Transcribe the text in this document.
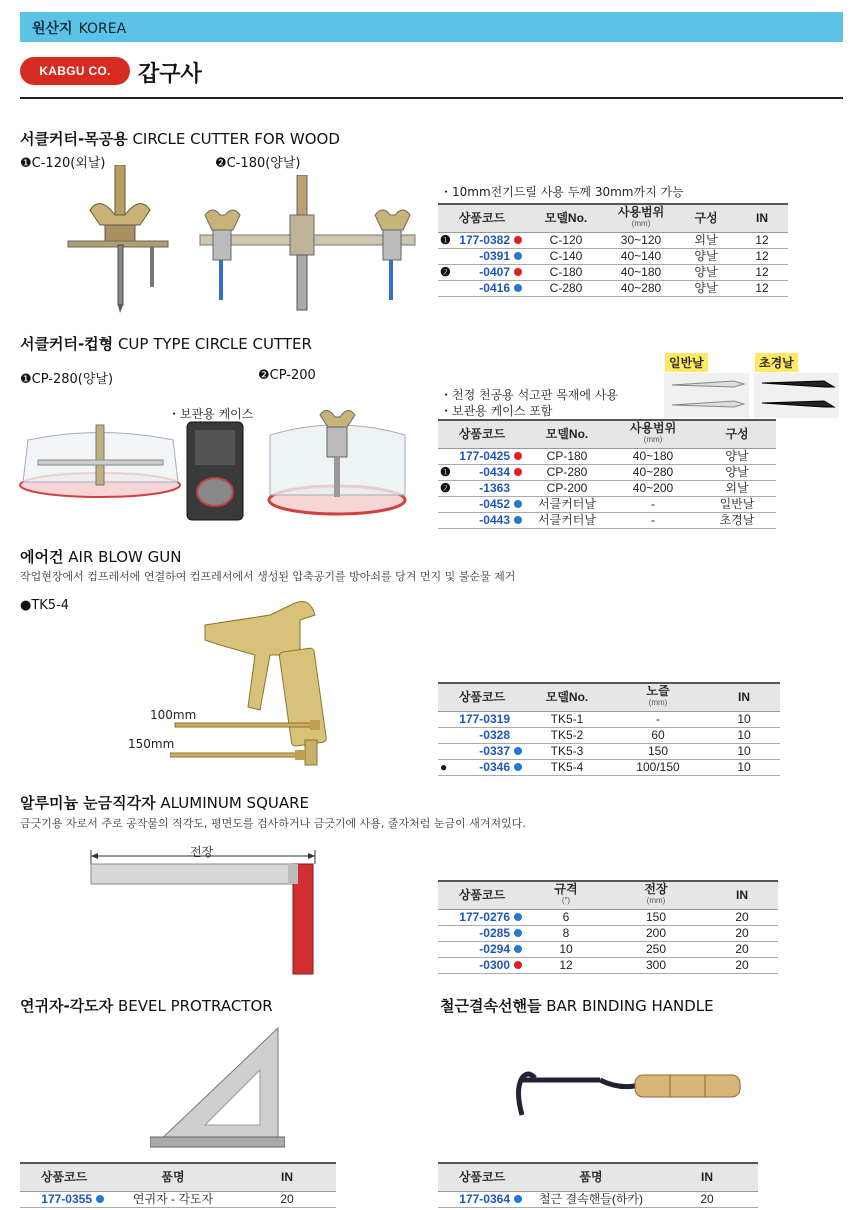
원산지 KOREA
KABGU CO.	갑구사
서클커터-목공용 CIRCLE CUTTER FOR WOOD
❶C-120(외날)	❷C-180(양날)
・10mm전기드릴 사용 두께 30mm까지 가능
상품코드	모델No.	사용범위
(mm)	구성	IN

❶ 177-0382	C-120	30~120	외날	12
-0391	C-140	40~140	양날	12

❷ -0407	C-180	40~180	양날	12
-0416	C-280	40~280	양날	12
서클커터-컵형 CUP TYPE CIRCLE CUTTER
❶CP-280(양날)	❷CP-200
・보관용 케이스
일반날	초경날
・천정 천공용 석고판 목재에 사용
・보관용 케이스 포함
상품코드	모델No.	사용범위
(mm)	구성
177-0425	CP-180	40~180	양날

❶ -0434	CP-280	40~280	양날

❷ -1363	CP-200	40~200	외날
-0452	서클커터날	-	일반날
-0443	서클커터날	-	초경날
에어건 AIR BLOW GUN
작업현장에서 컴프레서에 연결하여 컴프레서에서 생성된 압축공기를 방아쇠를 당겨 먼지 및 불순물 제거
●TK5-4
100mm
150mm
상품코드	모델No.	노즐
(mm)	IN
177-0319	TK5-1	-	10
-0328	TK5-2	60	10
-0337	TK5-3	150	10

● -0346	TK5-4	100/150	10
알루미늄 눈금직각자 ALUMINUM SQUARE
금긋기용 자로서 주로 공작물의 직각도, 평면도를 검사하거나 금긋기에 사용, 줄자처럼 눈금이 새겨져있다.
전장
상품코드	규격
(″)	전장
(mm)	IN
177-0276	6	150	20
-0285	8	200	20
-0294	10	250	20
-0300	12	300	20
연귀자-각도자 BEVEL PROTRACTOR
상품코드	품명	IN
177-0355	연귀자 - 각도자	20
철근결속선핸들 BAR BINDING HANDLE
상품코드	품명	IN
177-0364	철근 결속핸들(하카)	20
